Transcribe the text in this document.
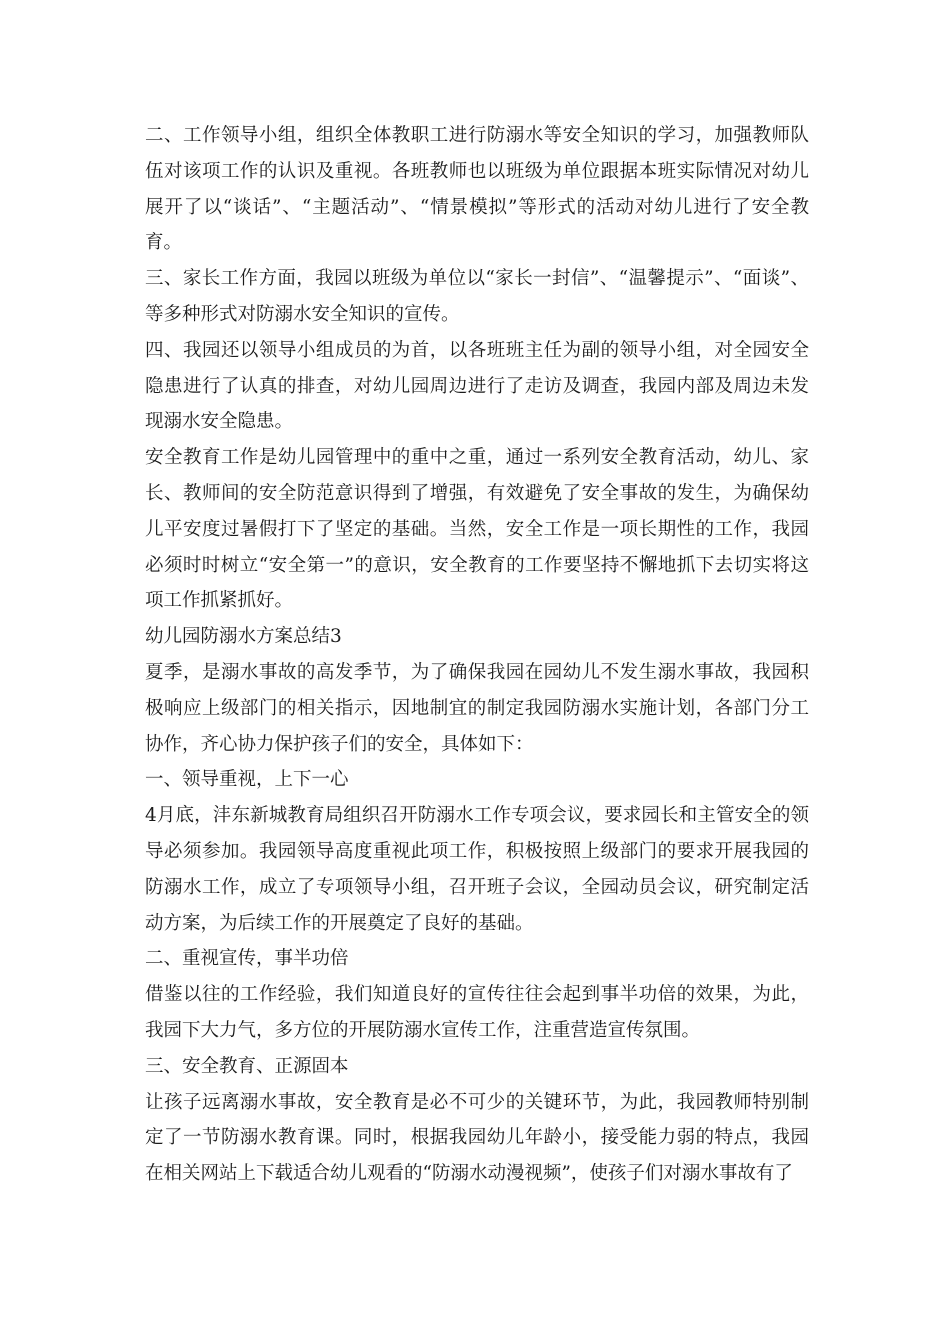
二、工作领导小组，组织全体教职工进行防溺水等安全知识的学习，加强教师队伍对该项工作的认识及重视。各班教师也以班级为单位跟据本班实际情况对幼儿展开了以“谈话”、“主题活动”、“情景模拟”等形式的活动对幼儿进行了安全教育。

三、家长工作方面，我园以班级为单位以“家长一封信”、“温馨提示”、“面谈”、等多种形式对防溺水安全知识的宣传。

四、我园还以领导小组成员的为首，以各班班主任为副的领导小组，对全园安全隐患进行了认真的排查，对幼儿园周边进行了走访及调查，我园内部及周边未发现溺水安全隐患。

安全教育工作是幼儿园管理中的重中之重，通过一系列安全教育活动，幼儿、家长、教师间的安全防范意识得到了增强，有效避免了安全事故的发生，为确保幼儿平安度过暑假打下了坚定的基础。当然，安全工作是一项长期性的工作，我园必须时时树立“安全第一”的意识，安全教育的工作要坚持不懈地抓下去切实将这项工作抓紧抓好。

幼儿园防溺水方案总结3

夏季，是溺水事故的高发季节，为了确保我园在园幼儿不发生溺水事故，我园积极响应上级部门的相关指示，因地制宜的制定我园防溺水实施计划，各部门分工协作，齐心协力保护孩子们的安全，具体如下：

一、领导重视，上下一心

4月底，沣东新城教育局组织召开防溺水工作专项会议，要求园长和主管安全的领导必须参加。我园领导高度重视此项工作，积极按照上级部门的要求开展我园的防溺水工作，成立了专项领导小组，召开班子会议，全园动员会议，研究制定活动方案，为后续工作的开展奠定了良好的基础。

二、重视宣传，事半功倍

借鉴以往的工作经验，我们知道良好的宣传往往会起到事半功倍的效果，为此，我园下大力气，多方位的开展防溺水宣传工作，注重营造宣传氛围。

三、安全教育、正源固本

让孩子远离溺水事故，安全教育是必不可少的关键环节，为此，我园教师特别制定了一节防溺水教育课。同时，根据我园幼儿年龄小，接受能力弱的特点，我园在相关网站上下载适合幼儿观看的“防溺水动漫视频”，使孩子们对溺水事故有了
